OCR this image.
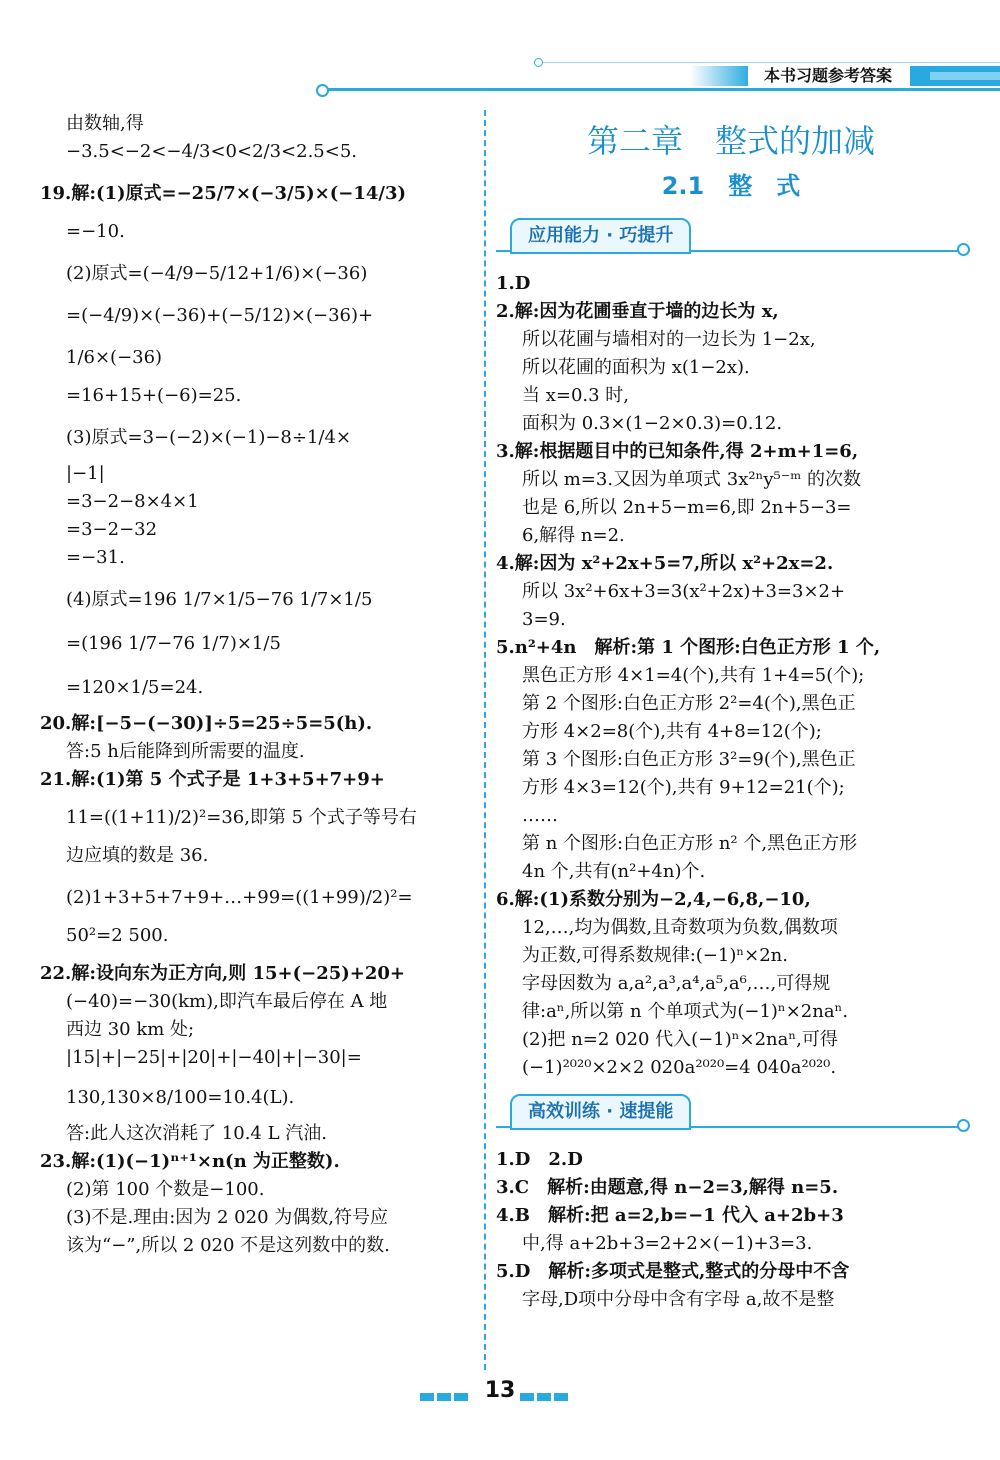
本书习题参考答案
由数轴,得
−3.5<−2<−4/3<0<2/3<2.5<5.
19.解:(1)原式=−25/7×(−3/5)×(−14/3)
=−10.
(2)原式=(−4/9−5/12+1/6)×(−36)
=(−4/9)×(−36)+(−5/12)×(−36)+
1/6×(−36)
=16+15+(−6)=25.
(3)原式=3−(−2)×(−1)−8÷1/4×
|−1|
=3−2−8×4×1
=3−2−32
=−31.
(4)原式=196 1/7×1/5−76 1/7×1/5
=(196 1/7−76 1/7)×1/5
=120×1/5=24.
20.解:[−5−(−30)]÷5=25÷5=5(h).
答:5 h后能降到所需要的温度.
21.解:(1)第 5 个式子是 1+3+5+7+9+
11=((1+11)/2)²=36,即第 5 个式子等号右
边应填的数是 36.
(2)1+3+5+7+9+…+99=((1+99)/2)²=
50²=2 500.
22.解:设向东为正方向,则 15+(−25)+20+
(−40)=−30(km),即汽车最后停在 A 地
西边 30 km 处;
|15|+|−25|+|20|+|−40|+|−30|=
130,130×8/100=10.4(L).
答:此人这次消耗了 10.4 L 汽油.
23.解:(1)(−1)ⁿ⁺¹×n(n 为正整数).
(2)第 100 个数是−100.
(3)不是.理由:因为 2 020 为偶数,符号应
该为“−”,所以 2 020 不是这列数中的数.
第二章　整式的加减
2.1　整　式
应用能力 · 巧提升
1.D
2.解:因为花圃垂直于墙的边长为 x,
所以花圃与墙相对的一边长为 1−2x,
所以花圃的面积为 x(1−2x).
当 x=0.3 时,
面积为 0.3×(1−2×0.3)=0.12.
3.解:根据题目中的已知条件,得 2+m+1=6,
所以 m=3.又因为单项式 3x²ⁿy⁵⁻ᵐ 的次数
也是 6,所以 2n+5−m=6,即 2n+5−3=
6,解得 n=2.
4.解:因为 x²+2x+5=7,所以 x²+2x=2.
所以 3x²+6x+3=3(x²+2x)+3=3×2+
3=9.
5.n²+4n　解析:第 1 个图形:白色正方形 1 个,
黑色正方形 4×1=4(个),共有 1+4=5(个);
第 2 个图形:白色正方形 2²=4(个),黑色正
方形 4×2=8(个),共有 4+8=12(个);
第 3 个图形:白色正方形 3²=9(个),黑色正
方形 4×3=12(个),共有 9+12=21(个);
……
第 n 个图形:白色正方形 n² 个,黑色正方形
4n 个,共有(n²+4n)个.
6.解:(1)系数分别为−2,4,−6,8,−10,
12,…,均为偶数,且奇数项为负数,偶数项
为正数,可得系数规律:(−1)ⁿ×2n.
字母因数为 a,a²,a³,a⁴,a⁵,a⁶,…,可得规
律:aⁿ,所以第 n 个单项式为(−1)ⁿ×2naⁿ.
(2)把 n=2 020 代入(−1)ⁿ×2naⁿ,可得
(−1)²⁰²⁰×2×2 020a²⁰²⁰=4 040a²⁰²⁰.
高效训练 · 速提能
1.D　2.D
3.C　解析:由题意,得 n−2=3,解得 n=5.
4.B　解析:把 a=2,b=−1 代入 a+2b+3
中,得 a+2b+3=2+2×(−1)+3=3.
5.D　解析:多项式是整式,整式的分母中不含
字母,D项中分母中含有字母 a,故不是整
13
